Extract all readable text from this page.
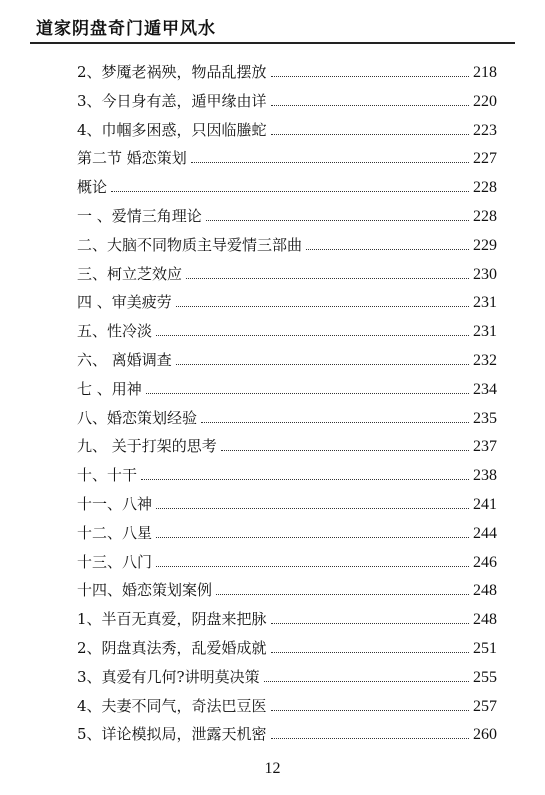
道家阴盘奇门遁甲风水
2、梦魇老祸殃，物品乱摆放	218
3、今日身有恙，遁甲缘由详	220
4、巾帼多困惑，只因临螣蛇	223
第二节 婚恋策划	227
概论	228
一 、爱情三角理论	228
二、大脑不同物质主导爱情三部曲	229
三、柯立芝效应	230
四 、审美疲劳	231
五、性冷淡	231
六、 离婚调查	232
七 、用神	234
八、婚恋策划经验	235
九、 关于打架的思考	237
十、十干	238
十一、八神	241
十二、八星	244
十三、八门	246
十四、婚恋策划案例	248
1、半百无真爱，阴盘来把脉	248
2、阴盘真法秀，乱爱婚成就	251
3、真爱有几何?讲明莫决策	255
4、夫妻不同气，奇法巴豆医	257
5、详论模拟局，泄露天机密	260
12
